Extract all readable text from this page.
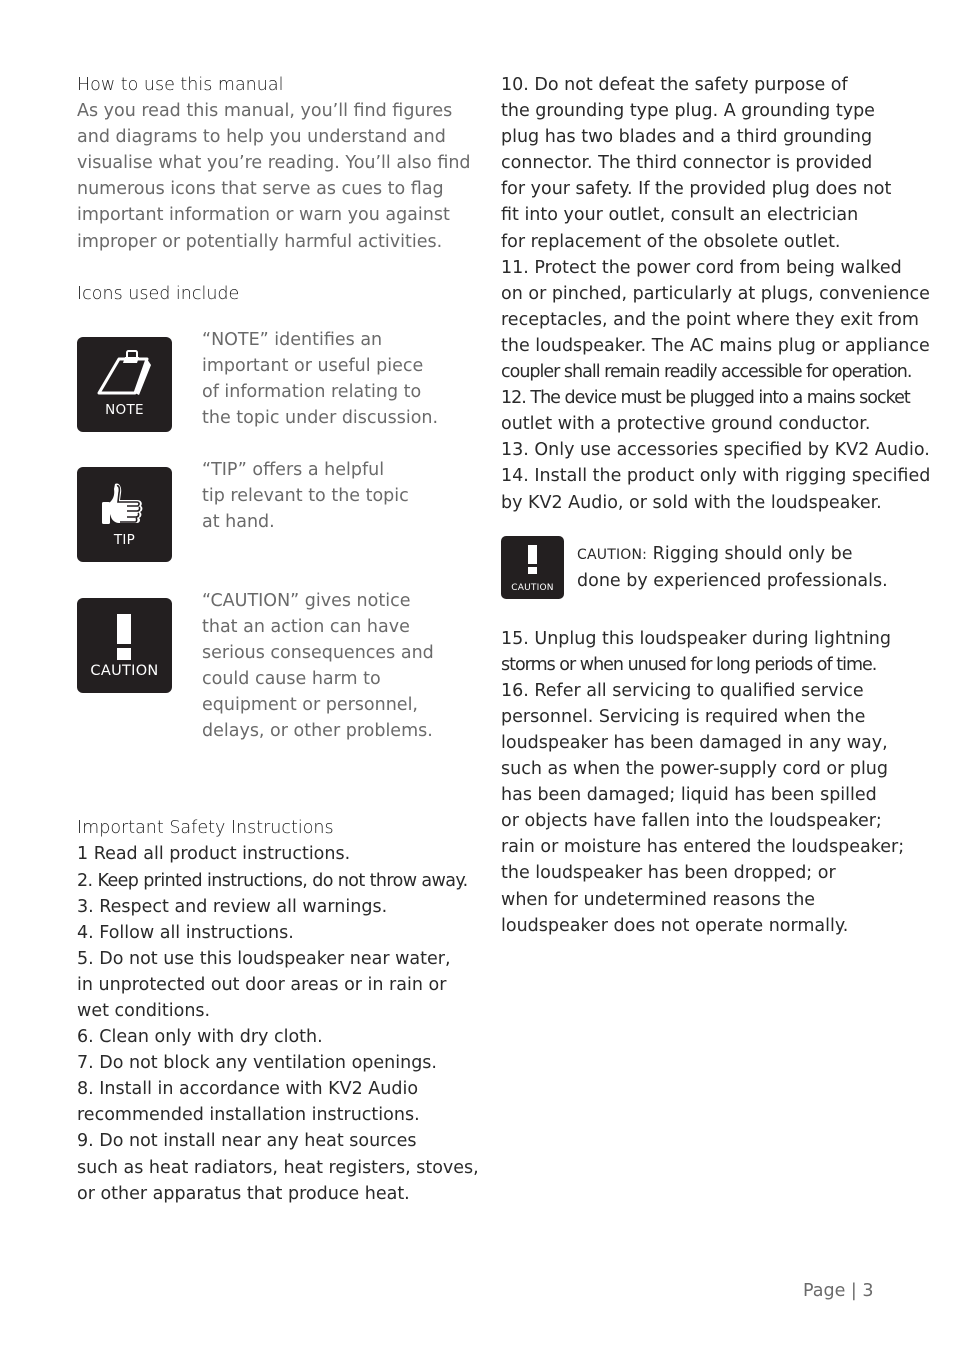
How to use this manual
As you read this manual, you’ll find figures
and diagrams to help you understand and
visualise what you’re reading. You’ll also find
numerous icons that serve as cues to flag
important information or warn you against
improper or potentially harmful activities.
Icons used include
NOTE
“NOTE” identifies an
important or useful piece
of information relating to
the topic under discussion.
TIP
“TIP” offers a helpful
tip relevant to the topic
at hand.
CAUTION
“CAUTION” gives notice
that an action can have
serious consequences and
could cause harm to
equipment or personnel,
delays, or other problems.
Important Safety Instructions
1 Read all product instructions.
2. Keep printed instructions, do not throw away.
3. Respect and review all warnings.
4. Follow all instructions.
5. Do not use this loudspeaker near water,
in unprotected out door areas or in rain or
wet conditions.
6. Clean only with dry cloth.
7. Do not block any ventilation openings.
8. Install in accordance with KV2 Audio
recommended installation instructions.
9. Do not install near any heat sources
such as heat radiators, heat registers, stoves,
or other apparatus that produce heat.
10. Do not defeat the safety purpose of
the grounding type plug. A grounding type
plug has two blades and a third grounding
connector. The third connector is provided
for your safety. If the provided plug does not
fit into your outlet, consult an electrician
for replacement of the obsolete outlet.
11. Protect the power cord from being walked
on or pinched, particularly at plugs, convenience
receptacles, and the point where they exit from
the loudspeaker. The AC mains plug or appliance
coupler shall remain readily accessible for operation.
12. The device must be plugged into a mains socket
outlet with a protective ground conductor.
13. Only use accessories specified by KV2 Audio.
14. Install the product only with rigging specified
by KV2 Audio, or sold with the loudspeaker.
CAUTION
CAUTION: Rigging should only be
done by experienced professionals.
15. Unplug this loudspeaker during lightning
storms or when unused for long periods of time.
16. Refer all servicing to qualified service
personnel. Servicing is required when the
loudspeaker has been damaged in any way,
such as when the power-supply cord or plug
has been damaged; liquid has been spilled
or objects have fallen into the loudspeaker;
rain or moisture has entered the loudspeaker;
the loudspeaker has been dropped; or
when for undetermined reasons the
loudspeaker does not operate normally.
Page | 3
